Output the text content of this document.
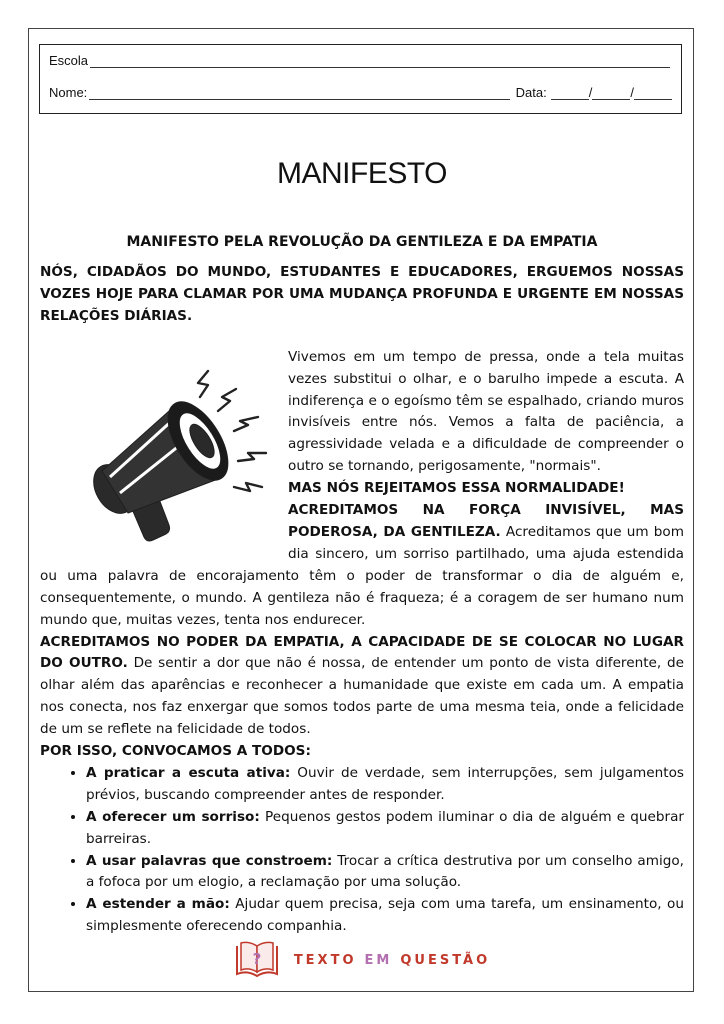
Escola
Nome:	Data:	/	/
MANIFESTO
MANIFESTO PELA REVOLUÇÃO DA GENTILEZA E DA EMPATIA

NÓS, CIDADÃOS DO MUNDO, ESTUDANTES E EDUCADORES, ERGUEMOS NOSSAS VOZES HOJE PARA CLAMAR POR UMA MUDANÇA PROFUNDA E URGENTE EM NOSSAS RELAÇÕES DIÁRIAS.

Vivemos em um tempo de pressa, onde a tela muitas vezes substitui o olhar, e o barulho impede a escuta. A indiferença e o egoísmo têm se espalhado, criando muros invisíveis entre nós. Vemos a falta de paciência, a agressividade velada e a dificuldade de compreender o outro se tornando, perigosamente, "normais".

MAS NÓS REJEITAMOS ESSA NORMALIDADE!

ACREDITAMOS NA FORÇA INVISÍVEL, MAS PODEROSA, DA GENTILEZA. Acreditamos que um bom dia sincero, um sorriso partilhado, uma ajuda estendida ou uma palavra de encorajamento têm o poder de transformar o dia de alguém e, consequentemente, o mundo. A gentileza não é fraqueza; é a coragem de ser humano num mundo que, muitas vezes, tenta nos endurecer.

ACREDITAMOS NO PODER DA EMPATIA, A CAPACIDADE DE SE COLOCAR NO LUGAR DO OUTRO. De sentir a dor que não é nossa, de entender um ponto de vista diferente, de olhar além das aparências e reconhecer a humanidade que existe em cada um. A empatia nos conecta, nos faz enxergar que somos todos parte de uma mesma teia, onde a felicidade de um se reflete na felicidade de todos.

POR ISSO, CONVOCAMOS A TODOS:

• A praticar a escuta ativa: Ouvir de verdade, sem interrupções, sem julgamentos prévios, buscando compreender antes de responder.
• A oferecer um sorriso: Pequenos gestos podem iluminar o dia de alguém e quebrar barreiras.
• A usar palavras que constroem: Trocar a crítica destrutiva por um conselho amigo, a fofoca por um elogio, a reclamação por uma solução.
• A estender a mão: Ajudar quem precisa, seja com uma tarefa, um ensinamento, ou simplesmente oferecendo companhia.
?	TEXTO EM QUESTÃO
